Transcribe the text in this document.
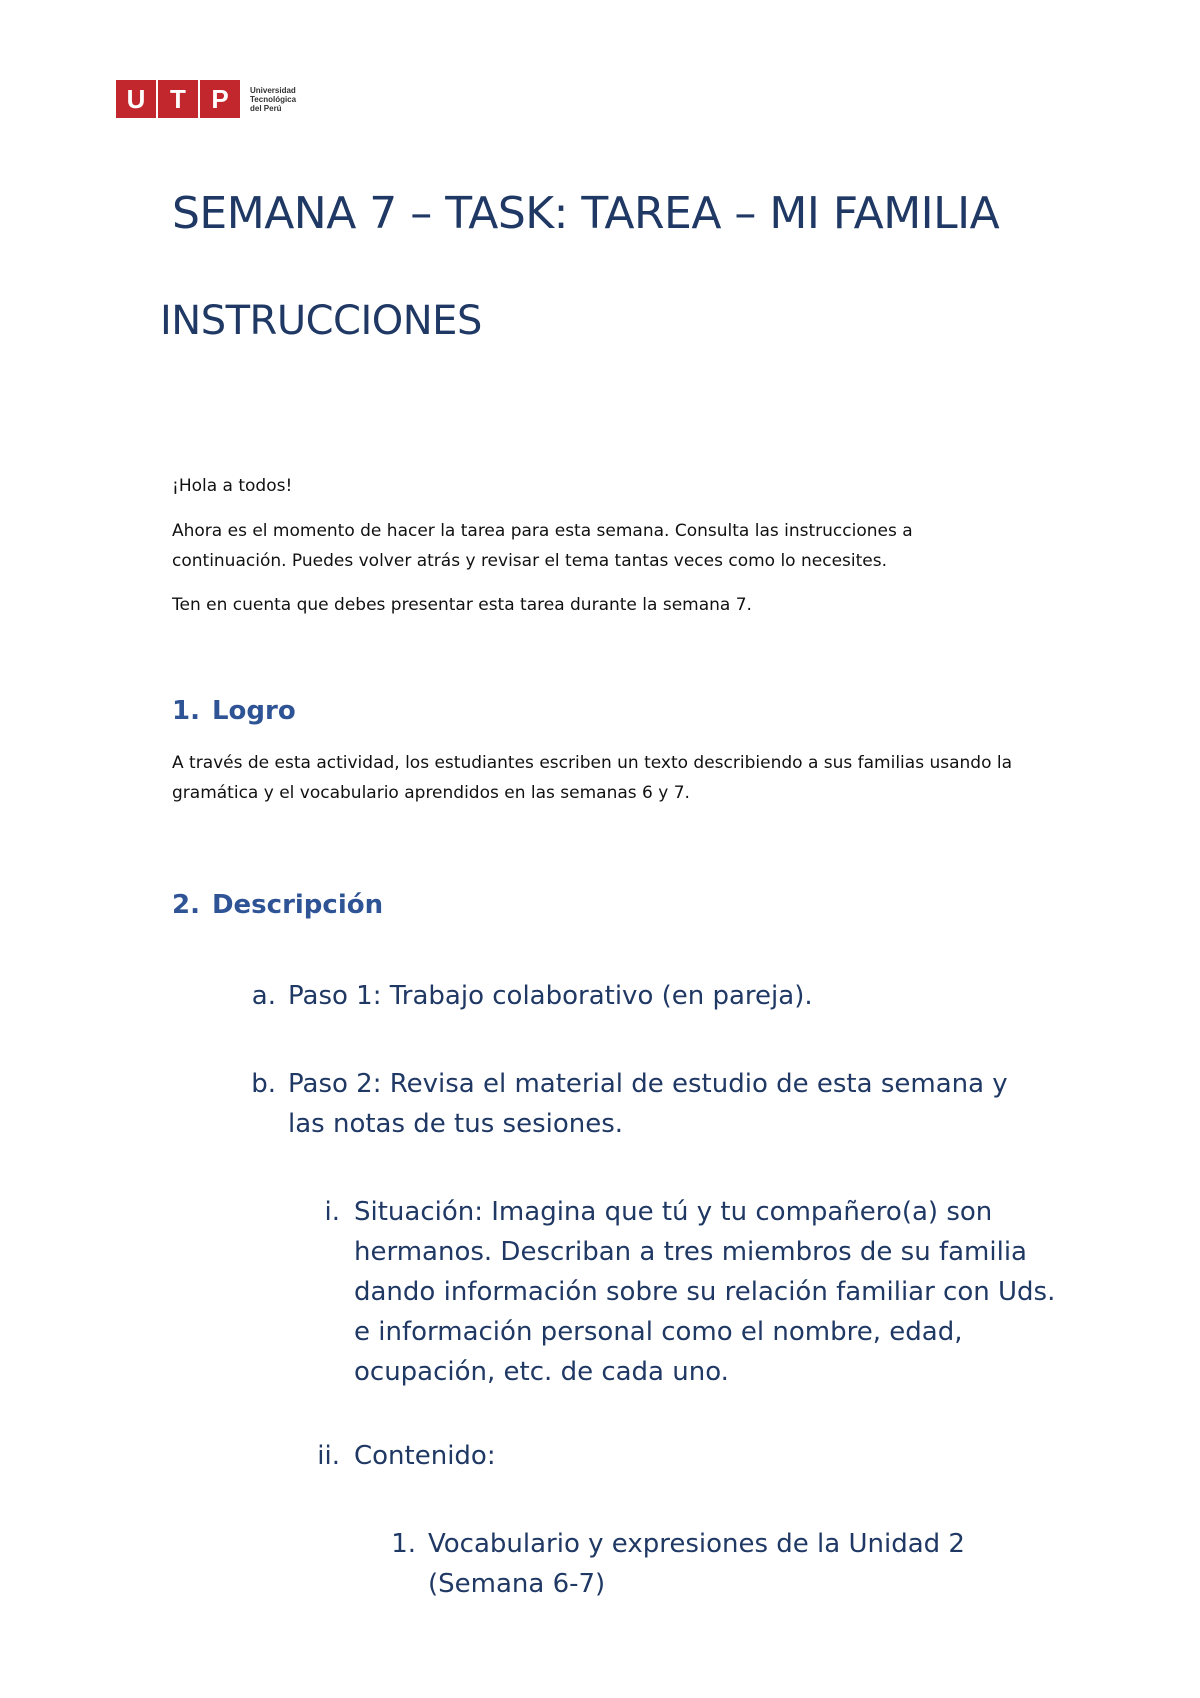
U T P	Universidad
Tecnológica
del Perú
SEMANA 7 – TASK: TAREA – MI FAMILIA
INSTRUCCIONES
¡Hola a todos!
Ahora es el momento de hacer la tarea para esta semana. Consulta las instrucciones a continuación. Puedes volver atrás y revisar el tema tantas veces como lo necesites.
Ten en cuenta que debes presentar esta tarea durante la semana 7.
1. Logro
A través de esta actividad, los estudiantes escriben un texto describiendo a sus familias usando la gramática y el vocabulario aprendidos en las semanas 6 y 7.
2. Descripción
a. Paso 1: Trabajo colaborativo (en pareja).
b. Paso 2: Revisa el material de estudio de esta semana y las notas de tus sesiones.
i. Situación: Imagina que tú y tu compañero(a) son hermanos. Describan a tres miembros de su familia dando información sobre su relación familiar con Uds. e información personal como el nombre, edad, ocupación, etc. de cada uno.
ii. Contenido:
1. Vocabulario y expresiones de la Unidad 2 (Semana 6-7)
